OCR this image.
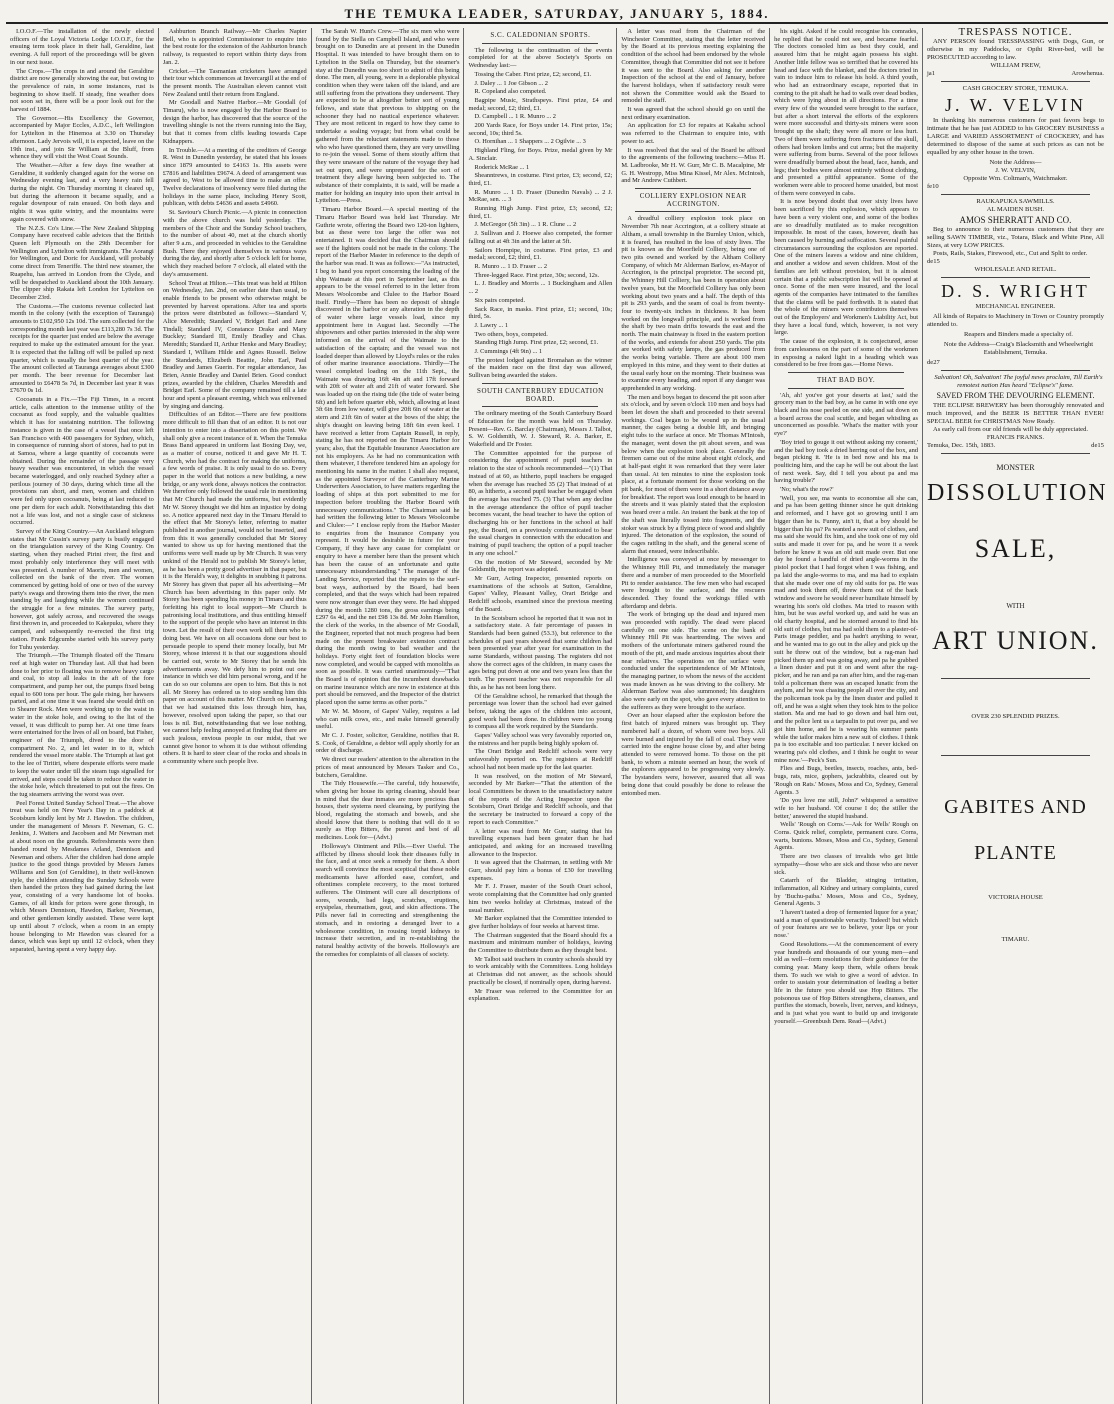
THE TEMUKA LEADER, SATURDAY, JANUARY 5, 1884.

I.O.O.F.—The installation of the newly elected officers of the Loyal Victoria Lodge I.O.O.F., for the ensuing term took place in their hall, Geraldine, last evening. A full report of the proceedings will be given in our next issue.

The Crops.—The crops in and around the Geraldine district are now generally showing the ear, but owing to the prevalence of rain, in some instances, rust is beginning to show itself. If steady, fine weather does not soon set in, there will be a poor look out for the harvest of 1884.

The Governor.—His Excellency the Governor, accompanied by Major Eccles, A.D.C., left Wellington for Lyttelton in the Hinemoa at 3.30 on Thursday afternoon. Lady Jervois will, it is expected, leave on the 19th inst., and join Sir William at the Bluff, from whence they will visit the West Coast Sounds.

The Weather.—After a few days fine weather at Geraldine, it suddenly changed again for the worse on Wednesday evening last, and a very heavy rain fell during the night. On Thursday morning it cleared up, but during the afternoon it became squally, and a regular downpour of rain ensued. On both days and nights it was quite wintry, and the mountains were again covered with snow.

The N.Z.S. Co's Line.—The New Zealand Shipping Company have received cable advices that the British Queen left Plymouth on the 29th December for Wellington and Lyttelton with immigrants. The Aorangi for Wellington, and Doric for Auckland, will probably come direct from Teneriffe. The third new steamer, the Ruapehu, has arrived in London from the Clyde, and will be despatched to Auckland about the 10th January. The clipper ship Rakaia left London for Lyttelton on December 23rd.

The Customs.—The customs revenue collected last month in the colony (with the exception of Tauranga) amounts to £102,950 12s 10d. The sum collected for the corresponding month last year was £113,280 7s 3d. The receipts for the quarter just ended are below the average required to make up the estimated amount for the year. It is expected that the falling off will be pulled up next quarter, which is usually the best quarter of the year. The amount collected at Tauranga averages about £300 per month. The beer revenue for December last amounted to £6478 5s 7d, in December last year it was £7670 0s 1d.

Cocoanuts in a Fix.—The Fiji Times, in a recent article, calls attention to the immense utility of the cocoanut as food supply, and the valuable qualities which it has for sustaining nutrition. The following instance is given in the case of a vessel that once left San Francisco with 400 passengers for Sydney, which, in consequence of running short of stores, had to put in at Samoa, where a large quantity of cocoanuts were obtained. During the remainder of the passage very heavy weather was encountered, in which the vessel became waterlogged, and only reached Sydney after a perilous journey of 30 days, during which time all the provisions ran short, and men, women and children were fed only upon cocoanuts, being at last reduced to one per diem for each adult. Notwithstanding this diet not a life was lost, and not a single case of sickness occurred.

Survey of the King Country.—An Auckland telegram states that Mr Cussin's survey party is busily engaged on the triangulation survey of the King Country. On starting, when they reached Pirini river, the first and most probably only interference they will meet with was presented. A number of Maoris, men and women, collected on the bank of the river. The women commenced by getting hold of one or two of the survey party's swags and throwing them into the river, the men standing by and laughing while the women continued the struggle for a few minutes. The survey party, however, got safely across, and recovered the swags first thrown in, and proceeded to Kakepuku, where they camped, and subsequently re-erected the first trig station. Frank Edgcumbe started with his survey party for Tuhu yesterday.

The Triumph.—The Triumph floated off the Timaru reef at high water on Thursday last. All that had been done to her prior to floating was to remove heavy cargo and coal, to stop all leaks in the aft of the fore compartment, and pump her out, the pumps fixed being equal to 600 tons per hour. The gale rising, her hawsers parted, and at one time it was feared she would drift on to Shearer Rock. Men were working up to the waist in water in the stoke hole, and owing to the list of the vessel, it was difficult to pump her. At one time fears were entertained for the lives of all on board, but Fisher, engineer of the Triumph, dived to the door of compartment No. 2, and let water in to it, which rendered the vessel more stable. The Triumph at last got to the lee of Tiritiri, where desperate efforts were made to keep the water under till the steam tugs signalled for arrived, and steps could be taken to reduce the water in the stoke hole, which threatened to put out the fires. On the tug steamers arriving the worst was over.

Peel Forest United Sunday School Treat.—The above treat was held on New Year's Day in a paddock at Scotsburn kindly lent by Mr J. Hawdon. The children, under the management of Messrs F. Newman, G. C. Jenkins, J. Watters and Jacobsen and Mr Newman met at about noon on the grounds. Refreshments were then handed round by Mesdames Arland, Dennison and Newman and others. After the children had done ample justice to the good things provided by Messrs James Williams and Son (of Geraldine), in their well-known style, the children attending the Sunday Schools were then handed the prizes they had gained during the last year, consisting of a very handsome lot of books. Games, of all kinds for prizes were gone through, in which Messrs Dennison, Hawdon, Barker, Newman, and other gentlemen kindly assisted. These were kept up until about 7 o'clock, when a room in an empty house belonging to Mr Hawdon was cleared for a dance, which was kept up until 12 o'clock, when they separated, having spent a very happy day.

Ashburton Branch Railway.—Mr Charles Napier Bell, who is appointed Commissioner to enquire into the best route for the extension of the Ashburton branch railway, is requested to report within thirty days from Jan. 2.

Cricket.—The Tasmanian cricketers have arranged their tour which commences at Invercargill at the end of the present month. The Australian eleven cannot visit New Zealand until their return from England.

Mr Goodall and Native Harbor.—Mr Goodall (of Timaru), who is now engaged by the Harbor Board to design the harbor, has discovered that the source of the travelling shingle is not the rivers running into the Bay, but that it comes from cliffs leading towards Cape Kidnappers.

In Trouble.—At a meeting of the creditors of George R. West in Dunedin yesterday, he stated that his losses since 1879 amounted to £4163 1s. His assets were £7816 and liabilities £9674. A deed of arrangement was agreed to, West to be allowed time to make an offer. Twelve declarations of insolvency were filed during the holidays in the same place, including Henry Scott, publican, with debts £4636 and assets £4960.

St. Saviour's Church Picnic.—A picnic in connection with the above church was held yesterday. The members of the Choir and the Sunday School teachers, to the number of about 40, met at the church shortly after 9 a.m., and proceeded in vehicles to the Geraldine Bush. There they enjoyed themselves in various ways during the day, and shortly after 5 o'clock left for home, which they reached before 7 o'clock, all elated with the day's amusement.

School Treat at Hilton.—This treat was held at Hilton on Wednesday, Jan. 2nd, on earlier date than usual, to enable friends to be present who otherwise might be prevented by harvest operations. After tea and sports the prizes were distributed as follows:—Standard V, Alice Meredith; Standard V, Bridget Earl and Jane Tindall; Standard IV, Constance Drake and Mary Buckley; Standard III, Emily Bradley and Chas. Meredith; Standard II, Arthur Henke and Mary Bradley; Standard I, William Hilde and Agnes Russell. Below the Standards, Elizabeth Beattie, John Earl, Paul Bradley and James Guerin. For regular attendance, Jas Brien, Annie Bradley and Daniel Brien. Good conduct prizes, awarded by the children, Charles Meredith and Bridget Earl. Some of the company remained till a late hour and spent a pleasant evening, which was enlivened by singing and dancing.

Difficulties of an Editor.—There are few positions more difficult to fill than that of an editor. It is not our intention to enter into a dissertation on this point. We shall only give a recent instance of it. When the Temuka Brass Band appeared in uniform last Boxing Day, we, as a matter of course, noticed it and gave Mr H. T. Church, who had the contract for making the uniforms, a few words of praise. It is only usual to do so. Every paper in the world that notices a new building, a new bridge, or any work done, always notices the contractor. We therefore only followed the usual rule in mentioning that Mr Church had made the uniforms, but evidently Mr W. Storey thought we did him an injustice by doing so. A notice appeared next day in the Timaru Herald to the effect that Mr Storey's letter, referring to matter published in another journal, would not be inserted, and from this it was generally concluded that Mr Storey wanted to show us up for having mentioned that the uniforms were well made up by Mr Church. It was very unkind of the Herald not to publish Mr Storey's letter, as he has been a pretty good advertiser in that paper, but it is the Herald's way, it delights in snubbing it patrons. Mr Storey has given that paper all his advertising—Mr Church has been advertising in this paper only. Mr Storey has been spending his money in Timaru and thus forfeiting his right to local support—Mr Church is patronising local institutions, and thus entitling himself to the support of the people who have an interest in this town. Let the result of their own work tell them who is doing best. We have on all occasions done our best to persuade people to spend their money locally, but Mr Storey, whose interest it is that our suggestions should be carried out, wrote to Mr Storey that he sends his advertisements away. We defy him to point out one instance in which we did him personal wrong, and if he can do so our columns are open to him. But this is not all. Mr Storey has ordered us to stop sending him this paper on account of this matter. Mr Church on learning that we had sustained this loss through him, has, however, resolved upon taking the paper, so that our loss is nil. But, notwithstanding that we lose nothing, we cannot help feeling annoyed at finding that there are such jealous, envious people in our midst, that we cannot give honor to whom it is due without offending others. It is hard to steer clear of the rocks and shoals in a community where such people live.

The Sarah W. Hunt's Crew.—The six men who were found by the Stella on Campbell Island, and who were brought on to Dunedin are at present in the Dunedin Hospital. It was intended to have brought them on to Lyttelton in the Stella on Thursday, but the steamer's stay at the Dunedin was too short to admit of this being done. The men, all young, were in a deplorable physical condition when they were taken off the island, and are still suffering from the privations they underwent. They are expected to be at altogether better sort of young fellows, and state that previous to shipping on the schooner they had no nautical experience whatever. They are most reticent in regard to how they came to undertake a sealing voyage; but from what could be gathered from the reluctant statements made to those who who have questioned them, they are very unwilling to re-join the vessel. Some of them stoutly affirm that they were unaware of the nature of the voyage they had set out upon, and were unprepared for the sort of treatment they allege having been subjected to. The substance of their complaints, it is said, will be made a matter for holding an inquiry into upon their arrival in Lyttelton.—Press.

Timaru Harbor Board.—A special meeting of the Timaru Harbor Board was held last Thursday. Mr Guthrie wrote, offering the Board two 120-ton lighters, but as these were too large the offer was not entertained. It was decided that the Chairman should see if the lighters could not be made in the colony. The report of the Harbor Master in reference to the depth of the harbor was read. It was as follows:—"As instructed, I beg to hand you report concerning the loading of the ship Waimate at this port in September last, as this appears to be the vessel referred to in the letter from Messrs Woolcombe and Clulee to the Harbor Board itself. Firstly—There has been no deposit of shingle discovered in the harbor or any alteration in the depth of water where large vessels load, since my appointment here in August last. Secondly —The shipowners and other parties interested in the ship were informed on the arrival of the Waimate to the satisfaction of the captain; and the vessel was not loaded deeper than allowed by Lloyd's rules or the rules of other marine insurance associations. Thirdly—The vessel completed loading on the 11th Sept., the Waimate was drawing 16ft 4in aft and 17ft forward with 20ft of water aft and 21ft of water forward. She was loaded up on the rising tide (the tide of water being 6ft) and left before quarter ebb, which, allowing at least 3ft 6in from low water, will give 20ft 6in of water at the stern and 21ft 6in of water at the bows of the ship; the ship's draught on leaving being 18ft 6in even keel. I have received a letter from Captain Russell, in reply, stating he has not reported on the Timaru Harbor for years; also, that the Equitable Insurance Association are not his employers. As he had no communication with them whatever, I therefore tendered him an apology for mentioning his name in the matter. I shall also request, as the appointed Surveyor of the Canterbury Marine Underwriters Association, to have matters regarding the loading of ships at this port submitted to me for inspection before troubling the Harbor Board with unnecessary communications." The Chairman said he had written the following letter to Messrs Woolcombe and Clulee:—" I enclose reply from the Harbor Master to enquiries from the Insurance Company you represent. It would be desirable in future for your Company, if they have any cause for complaint or enquiry to have a member here than the present which has been the cause of an unfortunate and quite unnecessary misunderstanding." The manager of the Landing Service, reported that the repairs to the surf-boat ways, authorised by the Board, had been completed, and that the ways which had been repaired were now stronger than ever they were. He had shipped during the month 1280 tons, the gross earnings being £297 6s 4d, and the net £98 13s 8d. Mr John Hamilton, the clerk of the works, in the absence of Mr Goodall, the Engineer, reported that not much progress had been made on the present breakwater extension contract during the month owing to bad weather and the holidays. Forty eight feet of foundation blocks were now completed, and would be capped with monoliths as soon as possible. It was carried unanimously—"That the Board is of opinion that the incumbent drawbacks on marine insurance which are now in existence at this port should be removed, and the Inspector of the district placed upon the same terms as other ports."

Mr W. M. Moore, of Gapes' Valley, requires a lad who can milk cows, etc., and make himself generally useful.

Mr C. J. Foster, solicitor, Geraldine, notifies that R. S. Cook, of Geraldine, a debtor will apply shortly for an order of discharge.

We direct our readers' attention to the alteration in the prices of meat announced by Messrs Tasker and Co., butchers, Geraldine.

The Tidy Housewife.—The careful, tidy housewife, when giving her house its spring cleaning, should bear in mind that the dear inmates are more precious than houses, their systems need cleansing, by purifying the blood, regulating the stomach and bowels, and she should know that there is nothing that will do it so surely as Hop Bitters, the purest and best of all medicines. Look for—(Advt.)

Holloway's Ointment and Pills.—Ever Useful. The afflicted by illness should look their diseases fully in the face, and at once seek a remedy for them. A short search will convince the most sceptical that these noble medicaments have afforded ease, comfort, and oftentimes complete recovery, to the most tortured sufferers. The Ointment will cure all descriptions of sores, wounds, bad legs, scratches, eruptions, erysipelas, rheumatism, gout, and skin affections. The Pills never fail in correcting and strengthening the stomach, and in restoring a deranged liver to a wholesome condition, in rousing torpid kidneys to increase their secretion, and in re-establishing the natural healthy activity of the bowels. Holloway's are the remedies for complaints of all classes of society.

S.C. CALEDONIAN SPORTS.

The following is the continuation of the events completed for at the above Society's Sports on Wednesday last:—

Tossing the Caber. First prize, £2; second, £1.

J. Daley ... 1 Joe Gibson ... 2

R. Copeland also competed.

Bagpipe Music, Strathspeys. First prize, £4 and medal; second, £2; third, £1.

D. Campbell ... 1 R. Munro ... 2

200 Yards Race, for Boys under 14. First prize, 15s; second, 10s; third 5s.

O. Hornihan ... 1 Shappers ... 2 Ogilvie ... 3

Highland Fling, for Boys. Prize, medal given by Mr A. Sinclair.

Roderick McRae ... 1

Sheanntrews, in costume. First prize, £3; second, £2; third, £1.

R. Munro ... 1 D. Fraser (Dunedin Navals) ... 2 J. McRae, sen. ... 3

Running High Jump. First prize, £3; second, £2; third, £1.

J. McGregor (5ft 3in) ... 1 R. Clune ... 2

J. Sullivan and J. Hoewe also competed, the former falling out at 4ft 3in and the latter at 5ft.

Sailors Hornpipe, in costume. First prize, £3 and medal; second, £2; third, £1.

R. Munro ... 1 D. Fraser ... 2

Three-legged Race. First prize, 30s; second, 12s.

L. J. Bradley and Morris ... 1 Buckingham and Allen ... 2

Six pairs competed.

Sack Race, in masks. First prize, £1; second, 10s; third, 5s.

J. Lawry ... 1

Two others, boys, competed.

Standing High Jump. First prize, £2; second, £1.

J. Cummings (4ft 9in) ... 1

The protest lodged against Bromahan as the winner of the maiden race on the first day was allowed, Sullivan being awarded the stakes.

SOUTH CANTERBURY EDUCATION BOARD.

The ordinary meeting of the South Canterbury Board of Education for the month was held on Thursday. Present—Rev. G. Barclay (Chairman), Messrs J. Talbot, S. W. Goldsmith, W. J. Steward, R. A. Barker, E. Wakefield and Dr Foster.

The Committee appointed for the purpose of considering the appointment of pupil teachers in relation to the size of schools recommended—"(1) That instead of at 60, as hitherto, pupil teachers be engaged when the average has reached 35 (2) That instead of at 80, as hitherto, a second pupil teacher be engaged when the average has reached 75. (3) That when any decline in the average attendance the office of pupil teacher becomes vacant, the head teacher to have the option of discharging his or her functions in the school at half pay, the Board, on a previously communicated to bear the usual charges in connection with the education and training of pupil teachers; the option of a pupil teacher in any one school."

On the motion of Mr Steward, seconded by Mr Goldsmith, the report was adopted.

Mr Gurr, Acting Inspector, presented reports on examinations of the schools at Sutton, Geraldine, Gapes' Valley, Pleasant Valley, Orari Bridge and Redcliff schools, examined since the previous meeting of the Board.

In the Scotsburn school he reported that it was not in a satisfactory state. A fair percentage of passes in Standards had been gained (53.3), but reference to the schedules of past years showed that some children had been presented year after year for examination in the same Standards, without passing. The registers did not show the correct ages of the children, in many cases the ages being put down at one and two years less than the truth. The present teacher was not responsible for all this, as he has not been long there.

Of the Geraldine school, he remarked that though the percentage was lower than the school had ever gained before, taking the ages of the children into account, good work had been done. In children were too young to compass all the work required by the Standards.

Gapes' Valley school was very favorably reported on, the mistress and her pupils being highly spoken of.

The Orari Bridge and Redcliff schools were very unfavorably reported on. The registers at Redcliff school had not been made up for the last quarter.

It was resolved, on the motion of Mr Steward, seconded by Mr Barker—"That the attention of the local Committees be drawn to the unsatisfactory nature of the reports of the Acting Inspector upon the Scotsburn, Orari Bridge and Redcliff schools, and that the secretary be instructed to forward a copy of the report to each Committee."

A letter was read from Mr Gurr, stating that his travelling expenses had been greater than he had anticipated, and asking for an increased travelling allowance to the Inspector.

It was agreed that the Chairman, in settling with Mr Gurr, should pay him a bonus of £30 for travelling expenses.

Mr F. J. Fraser, master of the South Orari school, wrote complaining that the Committee had only granted him two weeks holiday at Christmas, instead of the usual number.

Mr Barker explained that the Committee intended to give further holidays of four weeks at harvest time.

The Chairman suggested that the Board should fix a maximum and minimum number of holidays, leaving the Committee to distribute them as they thought best.

Mr Talbot said teachers in country schools should try to work amicably with the Committees. Long holidays at Christmas did not answer, as the schools should practically be closed, if nominally open, during harvest.

Mr Fraser was referred to the Committee for an explanation.

A letter was read from the Chairman of the Winchester Committee, stating that the letter received by the Board at its previous meeting explaining the condition of the school had been endorsed by the whole Committee, though that Committee did not see it before it was sent to the Board. Also asking for another Inspection of the school at the end of January, before the harvest holidays, when if satisfactory result were not shown the Committee would ask the Board to remodel the staff.

It was agreed that the school should go on until the next ordinary examination.

An application for £3 for repairs at Kakahu school was referred to the Chairman to enquire into, with power to act.

It was resolved that the seal of the Board be affixed to the agreements of the following teachers:—Miss H. M. Ladbrooke, Mr H. W. Gurr, Mr C. B. Macalpine, Mr G. H. Westropp, Miss Mina Kissel, Mr Alex. McIntosh, and Mr Andrew Cuthbert.

COLLIERY EXPLOSION NEAR ACCRINGTON.

A dreadful colliery explosion took place on November 7th near Accrington, at a colliery situate at Altham, a small township in the Burnley Union, which, it is feared, has resulted in the loss of sixty lives. The pit is known as the Moorfield Colliery, being one of two pits owned and worked by the Altham Colliery Company, of which Mr Alderman Barlow, ex-Mayor of Accrington, is the principal proprietor. The second pit, the Whinney Hill Colliery, has been in operation about twelve years, but the Moorfield Colliery has only been working about two years and a half. The depth of this pit is 293 yards, and the seam of coal is from twenty-four to twenty-six inches in thickness. It has been worked on the longwall principle, and is worked from the shaft by two main drifts towards the east and the north. The main chainway is fixed in the eastern portion of the works, and extends for about 250 yards. The pits are worked with safety lamps, the gas produced from the works being variable. There are about 100 men employed in this mine, and they went to their duties at the usual early hour on the morning. Their business was to examine every heading, and report if any danger was apprehended in any working.

The men and boys began to descend the pit soon after six o'clock, and by seven o'clock 110 men and boys had been let down the shaft and proceeded to their several workings. Coal began to be wound up in the usual manner, the cages being a double lift, and bringing eight tubs to the surface at once. Mr Thomas M'Intosh, the manager, went down the pit about seven, and was below when the explosion took place. Generally the firemen came out of the mine about eight o'clock, and at half-past eight it was remarked that they were later than usual. At ten minutes to nine the explosion took place, at a fortunate moment for those working on the pit bank, for most of them were in a short distance away for breakfast. The report was loud enough to be heard in the streets and it was plainly stated that the explosion was heard over a mile. An instant the bank at the top of the shaft was literally tossed into fragments, and the stoker was struck by a flying piece of wood and slightly injured. The detonation of the explosion, the sound of the cages rattling in the shaft, and the general scene of alarm that ensued, were indescribable.

Intelligence was conveyed at once by messenger to the Whinney Hill Pit, and immediately the manager there and a number of men proceeded to the Moorfield Pit to render assistance. The few men who had escaped were brought to the surface, and the rescuers descended. They found the workings filled with afterdamp and debris.

The work of bringing up the dead and injured men was proceeded with rapidly. The dead were placed carefully on one side. The scene on the bank of Whinney Hill Pit was heartrending. The wives and mothers of the unfortunate miners gathered round the mouth of the pit, and made anxious inquiries about their near relatives. The operations on the surface were conducted under the superintendence of Mr M'Intosh, the managing partner, to whom the news of the accident was made known as he was driving to the colliery. Mr Alderman Barlow was also summoned; his daughters also were early on the spot, who gave every attention to the sufferers as they were brought to the surface.

Over an hour elapsed after the explosion before the first batch of injured miners was brought up. They numbered half a dozen, of whom were two boys. All were burned and injured by the fall of coal. They were carried into the engine house close by, and after being attended to were removed home. To those on the pit bank, to whom a minute seemed an hour, the work of the explorers appeared to be progressing very slowly. The bystanders were, however, assured that all was being done that could possibly be done to release the entombed men.

his sight. Asked if he could recognise his comrades, he replied that he could not see, and became fearful. The doctors consoled him as best they could, and assured him that he might again possess his sight. Another little fellow was so terrified that he covered his head and face with the blanket, and the doctors tried in vain to induce him to release his hold. A third youth, who had an extraordinary escape, reported that in coming to the pit shaft he had to walk over dead bodies, which were lying about in all directions. For a time every few of the wounded were brought to the surface, but after a short interval the efforts of the explorers were more successful and thirty-six miners were soon brought up the shaft; they were all more or less hurt. Two of them were suffering from fractures of the skull, others had broken limbs and cut arms; but the majority were suffering from burns. Several of the poor fellows were dreadfully burned about the head, face, hands, and legs; their bodies were almost entirely without clothing, and presented a pitiful appearance. Some of the workmen were able to proceed home unaided, but most of them were conveyed in cabs.

It is now beyond doubt that over sixty lives have been sacrificed by this explosion, which appears to have been a very violent one, and some of the bodies are so dreadfully mutilated as to make recognition impossible. In most of the cases, however, death has been caused by burning and suffocation. Several painful circumstances surrounding the explosion are reported. One of the miners leaves a widow and nine children, and another a widow and seven children. Most of the families are left without provision, but it is almost certain that a public subscription list will be opened at once. Some of the men were insured, and the local agents of the companies have intimated to the families that the claims will be paid forthwith. It is stated that the whole of the miners were contributors themselves out of the Employers' and Workmen's Liability Act, but they have a local fund, which, however, is not very large.

The cause of the explosion, it is conjectured, arose from carelessness on the part of some of the workmen in exposing a naked light in a heading which was considered to be free from gas.—Home News.

THAT BAD BOY.

'Ah, ah! you've got your deserts at last,' said the grocery man to the bad boy, as he came in with one eye black and his nose peeled on one side, and sat down on a board across the coal scuttle, and began whistling as unconcerned as possible. 'What's the matter with your eye?'

'Boy tried to gouge it out without asking my consent,' and the bad boy took a dried herring out of the box, and began picking it. 'He is in bed now and his ma is poulticing him, and the cap he will be out about the last of next week. Say, did I tell you about pa and ma having trouble?'

'No; what's the row?'

'Well, you see, ma wants to economise all she can, and pa has been getting thinner since he quit drinking and reformed, and I have got so growing until I am bigger than he is. Funny, ain't it, that a boy should be bigger than his pa? Pa wanted a new suit of clothes, and ma said she would fix him, and she took one of my old suits and made it over for pa, and he wore it a week before he knew it was an old suit made over. But one day he found a handful of dried angle-worms in the pistol pocket that I had forgot when I was fishing, and pa laid the angle-worms to ma, and ma had to explain that she made over one of my old suits for pa. He was mad and took them off, threw them out of the back window and swore he would never humiliate himself by wearing his son's old clothes. Ma tried to reason with him, but he was awful worked up, and said he was an old charity hospital, and he stormed around to find his old suit of clothes, but ma had sold them to a plaster-of-Paris image peddler, and pa hadn't anything to wear, and he wanted ma to go out in the alley and pick up the suit he threw out of the window, but a rag-man had picked them up and was going away, and pa he grabbed a linen duster and put it on and went after the rag-picker, and he ran and pa ran after him, and the rag-man told a policeman there was an escaped lunatic from the asylum, and he was chasing people all over the city, and the policeman took pa by the linen duster and pulled it off, and he was a sight when they took him to the police station. Ma and me had to go down and bail him out, and the police lent us a tarpaulin to put over pa, and we got him home, and he is wearing his summer pants while the tailor makes him a new suit of clothes. I think pa is too excitable and too particular. I never kicked on wearing pa's old clothes, and I think he ought to wear mine now.'—Peck's Sun.

Flies and Bugs, beetles, insects, roaches, ants, bed-bugs, rats, mice, gophers, jackrabbits, cleared out by 'Rough on Rats.' Moses, Moss and Co, Sydney, General Agents. 3

'Do you love me still, John?' whispered a sensitive wife to her husband. 'Of course I do; the stiller the better,' answered the stupid husband.

Wells' 'Rough on Corns.'—Ask for Wells' Rough on Corns. Quick relief, complete, permanent cure. Corns, warts, bunions. Moses, Moss and Co., Sydney, General Agents.

There are two classes of invalids who get little sympathy—those who are sick and those who are never sick.

Catarrh of the Bladder, stinging irritation, inflammation, all Kidney and urinary complaints, cured by 'Buchu-paiba.' Moses, Moss and Co., Sydney, General Agents. 3

'I haven't tasted a drop of fermented liquor for a year,' said a man of questionable veracity. 'Indeed! but which of your features are we to believe, your lips or your nose.'

Good Resolutions.—At the commencement of every year hundreds and thousands of our young men—and old as well—form resolutions for their guidance for the coming year. Many keep them, while others break them. To such we wish to give a word of advice. In order to sustain your determination of leading a better life in the future you should use Hop Bitters. The poisonous use of Hop Bitters strengthens, cleanses, and purifies the stomach, bowels, liver, nerves, and kidneys, and is just what you want to build up and invigorate yourself.—Greenbush Dem. Read—(Advt.)

TRESPASS NOTICE.

ANY PERSON found TRESSPASSING with Dogs, Gun, or otherwise in my Paddocks, or Opihi River-bed, will be PROSECUTED according to law.

WILLIAM FREW,
ja1	Arowhenua.
CASH GROCERY STORE, TEMUKA.
J. W. VELVIN

In thanking his numerous customers for past favors begs to intimate that he has just ADDED to his GROCERY BUSINESS a LARGE and VARIED ASSORTMENT of CROCKERY, and has determined to dispose of the same at such prices as can not be equalled by any other house in the town.

Note the Address—
J. W. VELVIN,
Opposite Wm. Coltman's, Watchmaker.
fe10
RAUKAPUKA SAWMILLS.
AL MAIDEN BUSH.
AMOS SHERRATT AND CO.

Beg to announce to their numerous customers that they are selling SAWN TIMBER, viz., Totara, Black and White Pine, All Sizes, at very LOW PRICES.

Posts, Rails, Stakes, Firewood, etc., Cut and Split to order.

de15
WHOLESALE AND RETAIL.
D. S. WRIGHT
MECHANICAL ENGINEER.

All kinds of Repairs to Machinery in Town or Country promptly attended to.

Reapers and Binders made a specialty of.

Note the Address—Craig's Blacksmith and Wheelwright Establishment, Temuka.

de27

Salvation! Oh, Salvation! The joyful news proclaim, Till Earth's remotest nation Has heard "Eclipse's" fame.

SAVED FROM THE DEVOURING ELEMENT.

THE ECLIPSE BREWERY has been thoroughly renovated and much improved, and the BEER IS BETTER THAN EVER! SPECIAL BEER for CHRISTMAS Now Ready.

As early call from our old friends will be duly appreciated.

FRANCIS FRANKS.
Temuka, Dec. 15th, 1883.	de15
MONSTER
DISSOLUTION
SALE,
WITH
ART UNION.
OVER 230 SPLENDID PRIZES.
GABITES AND
PLANTE
VICTORIA HOUSE
TIMARU.
